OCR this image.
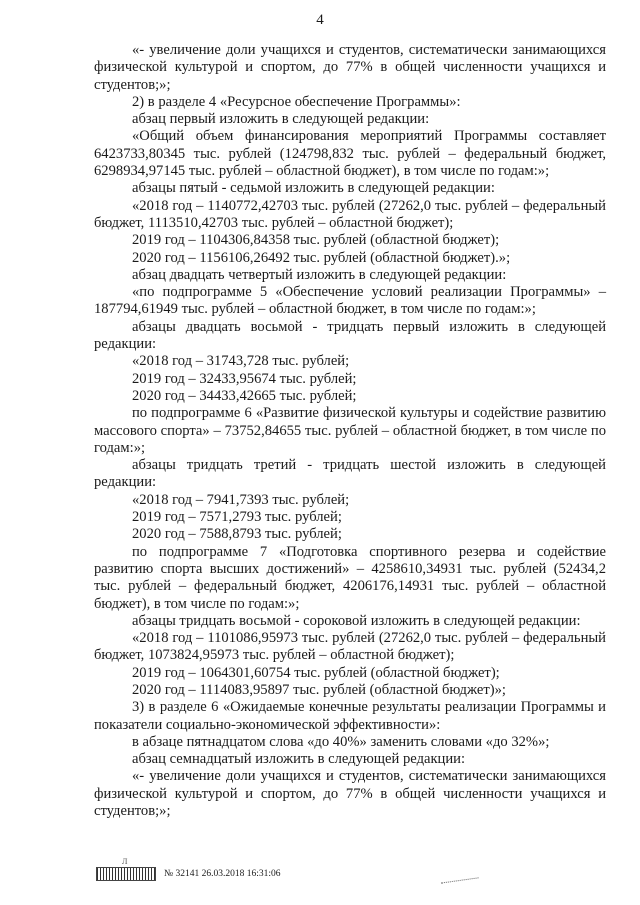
4

«- увеличение доли учащихся и студентов, систематически занимающихся физической культурой и спортом, до 77% в общей численности учащихся и студентов;»;

2) в разделе 4 «Ресурсное обеспечение Программы»:

абзац первый изложить в следующей редакции:

«Общий объем финансирования мероприятий Программы составляет 6423733,80345 тыс. рублей (124798,832 тыс. рублей – федеральный бюджет, 6298934,97145 тыс. рублей – областной бюджет), в том числе по годам:»;

абзацы пятый - седьмой изложить в следующей редакции:

«2018 год – 1140772,42703 тыс. рублей (27262,0 тыс. рублей – федеральный бюджет, 1113510,42703 тыс. рублей – областной бюджет);

2019 год – 1104306,84358 тыс. рублей (областной бюджет);

2020 год – 1156106,26492 тыс. рублей (областной бюджет).»;

абзац двадцать четвертый изложить в следующей редакции:

«по подпрограмме 5 «Обеспечение условий реализации Программы» – 187794,61949 тыс. рублей – областной бюджет, в том числе по годам:»;

абзацы двадцать восьмой - тридцать первый изложить в следующей редакции:

«2018 год – 31743,728 тыс. рублей;

2019 год – 32433,95674 тыс. рублей;

2020 год – 34433,42665 тыс. рублей;

по подпрограмме 6 «Развитие физической культуры и содействие развитию массового спорта» – 73752,84655 тыс. рублей – областной бюджет, в том числе по годам:»;

абзацы тридцать третий - тридцать шестой изложить в следующей редакции:

«2018 год – 7941,7393 тыс. рублей;

2019 год – 7571,2793 тыс. рублей;

2020 год – 7588,8793 тыс. рублей;

по подпрограмме 7 «Подготовка спортивного резерва и содействие развитию спорта высших достижений» – 4258610,34931 тыс. рублей (52434,2 тыс. рублей – федеральный бюджет, 4206176,14931 тыс. рублей – областной бюджет), в том числе по годам:»;

абзацы тридцать восьмой - сороковой изложить в следующей редакции:

«2018 год – 1101086,95973 тыс. рублей (27262,0 тыс. рублей – федеральный бюджет, 1073824,95973 тыс. рублей – областной бюджет);

2019 год – 1064301,60754 тыс. рублей (областной бюджет);

2020 год – 1114083,95897 тыс. рублей (областной бюджет)»;

3) в разделе 6 «Ожидаемые конечные результаты реализации Программы и показатели социально-экономической эффективности»:

в абзаце пятнадцатом слова «до 40%» заменить словами «до 32%»;

абзац семнадцатый изложить в следующей редакции:

«- увеличение доли учащихся и студентов, систематически занимающихся физической культурой и спортом, до 77% в общей численности учащихся и студентов;»;

Л
№ 32141 26.03.2018 16:31:06
